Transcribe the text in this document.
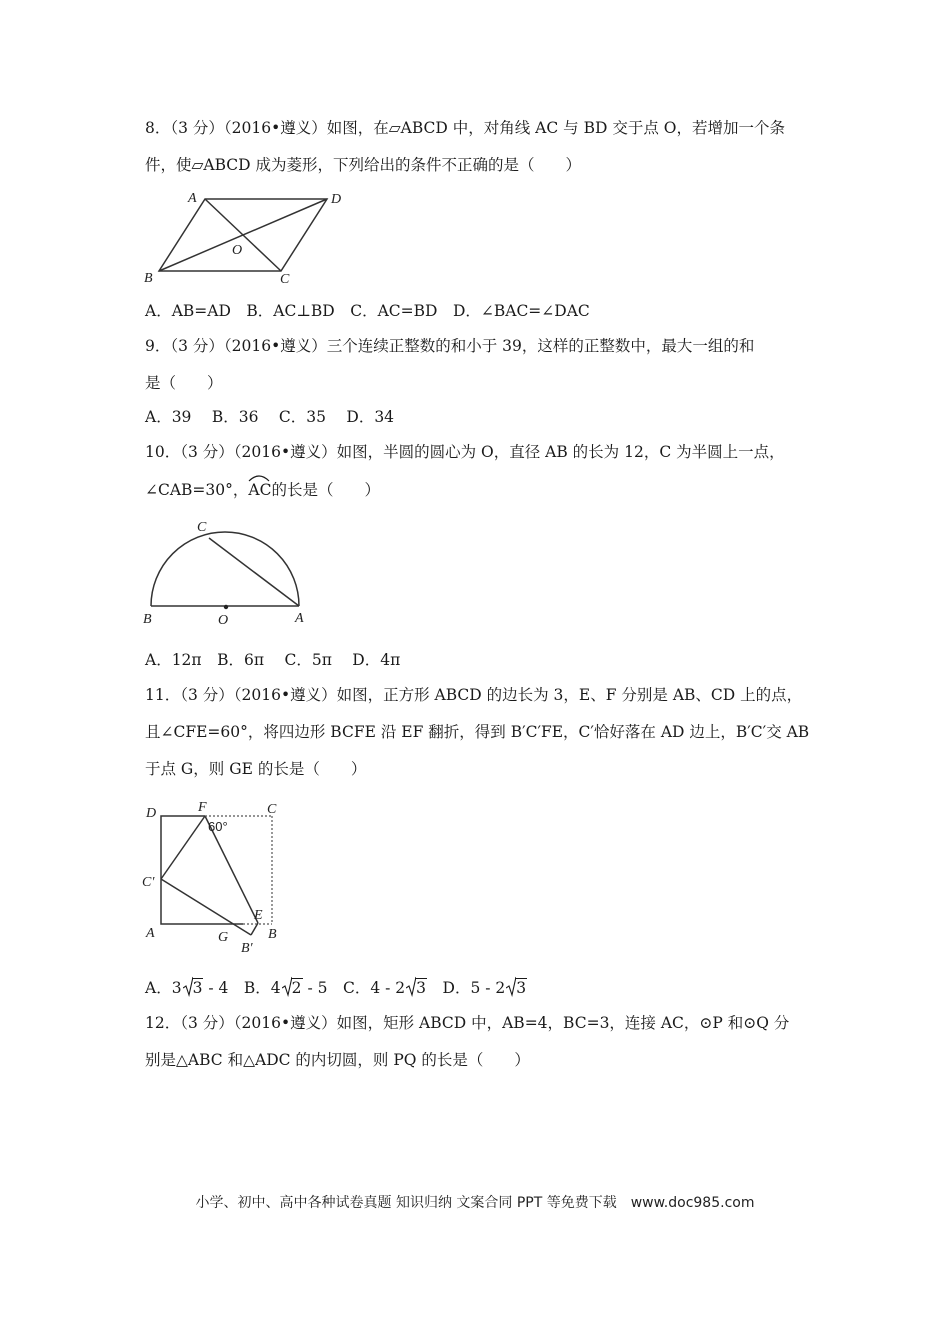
8．（3 分）（2016•遵义）如图，在▱ABCD 中，对角线 AC 与 BD 交于点 O，若增加一个条
件，使▱ABCD 成为菱形，下列给出的条件不正确的是（　　）
A	D
B	C
O
A．AB=AD　B．AC⊥BD　C．AC=BD　D．∠BAC=∠DAC
9．（3 分）（2016•遵义）三个连续正整数的和小于 39，这样的正整数中，最大一组的和
是（　　）
A．39　 B．36　 C．35　 D．34
10．（3 分）（2016•遵义）如图，半圆的圆心为 O，直径 AB 的长为 12，C 为半圆上一点，
∠CAB=30°，
AC的长是（　　）
C
B	O	A
A．12π　B．6π　 C．5π　 D．4π
11．（3 分）（2016•遵义）如图，正方形 ABCD 的边长为 3，E、F 分别是 AB、CD 上的点，
且∠CFE=60°，将四边形 BCFE 沿 EF 翻折，得到 B′C′FE，C′恰好落在 AD 边上，B′C′交 AB
于点 G，则 GE 的长是（　　）
D	F	C
60°
C′
E
A	G
B′
B
A．3 3 - 4　B．4 2 - 5　C．4 - 2 3　D．5 - 2 3
12．（3 分）（2016•遵义）如图，矩形 ABCD 中，AB=4，BC=3，连接 AC，⊙P 和⊙Q 分
别是△ABC 和△ADC 的内切圆，则 PQ 的长是（　　）
小学、初中、高中各种试卷真题 知识归纳 文案合同 PPT 等免费下载　www.doc985.com
